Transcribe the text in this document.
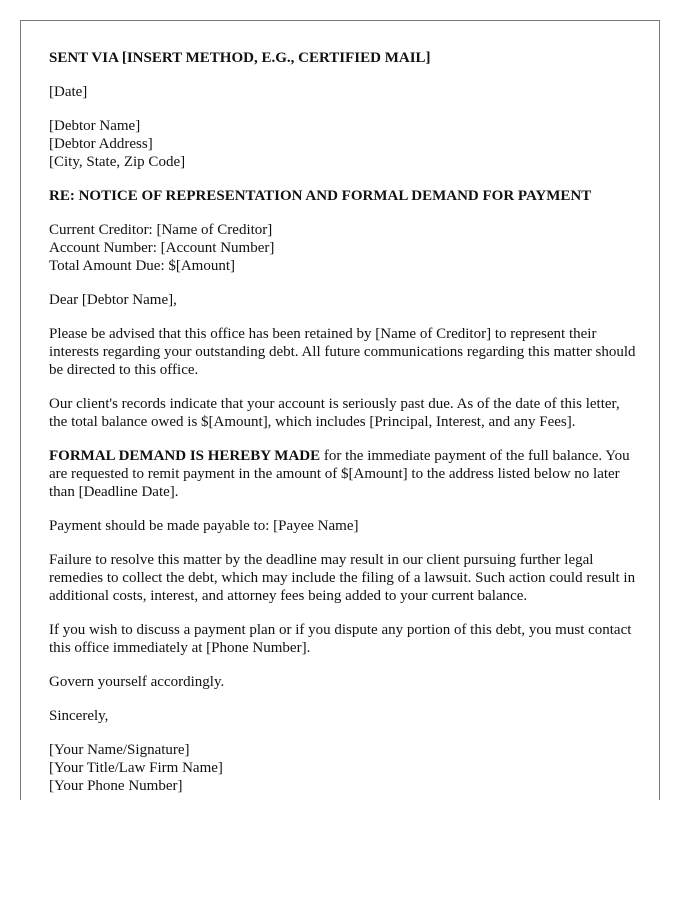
SENT VIA [INSERT METHOD, E.G., CERTIFIED MAIL]

[Date]

[Debtor Name]
[Debtor Address]
[City, State, Zip Code]

RE: NOTICE OF REPRESENTATION AND FORMAL DEMAND FOR PAYMENT

Current Creditor: [Name of Creditor]
Account Number: [Account Number]
Total Amount Due: $[Amount]

Dear [Debtor Name],

Please be advised that this office has been retained by [Name of Creditor] to represent their interests regarding your outstanding debt. All future communications regarding this matter should be directed to this office.

Our client's records indicate that your account is seriously past due. As of the date of this letter, the total balance owed is $[Amount], which includes [Principal, Interest, and any Fees].

FORMAL DEMAND IS HEREBY MADE for the immediate payment of the full balance. You are requested to remit payment in the amount of $[Amount] to the address listed below no later than [Deadline Date].

Payment should be made payable to: [Payee Name]

Failure to resolve this matter by the deadline may result in our client pursuing further legal remedies to collect the debt, which may include the filing of a lawsuit. Such action could result in additional costs, interest, and attorney fees being added to your current balance.

If you wish to discuss a payment plan or if you dispute any portion of this debt, you must contact this office immediately at [Phone Number].

Govern yourself accordingly.

Sincerely,

[Your Name/Signature]
[Your Title/Law Firm Name]
[Your Phone Number]
